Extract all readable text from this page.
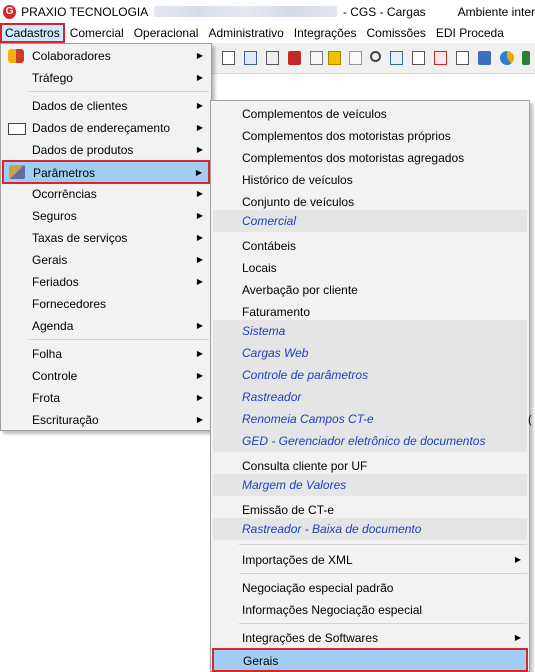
G PRAXIO TECNOLOGIA	- CGS - Cargas	Ambiente inter
Cadastros Comercial Operacional Administrativo Integrações Comissões EDI Proceda
Colaboradores	▶
Tráfego	▶
Dados de clientes	▶
Dados de endereçamento	▶
Dados de produtos	▶
Parâmetros	▶
Ocorrências	▶
Seguros	▶
Taxas de serviços	▶
Gerais	▶
Feriados	▶
Fornecedores
Agenda	▶
Folha	▶
Controle	▶
Frota	▶
Escrituração	▶
Complementos de veículos
Complementos dos motoristas próprios
Complementos dos motoristas agregados
Histórico de veículos
Conjunto de veículos
Comercial
Contábeis
Locais
Averbação por cliente
Faturamento
Sistema
Cargas Web
Controle de parâmetros
Rastreador
Renomeia Campos CT-e
GED - Gerenciador eletrônico de documentos
Consulta cliente por UF
Margem de Valores
Emissão de CT-e
Rastreador - Baixa de documento
Importações de XML	▶
Negociação especial padrão
Informações Negociação especial
Integrações de Softwares	▶
Gerais
(
